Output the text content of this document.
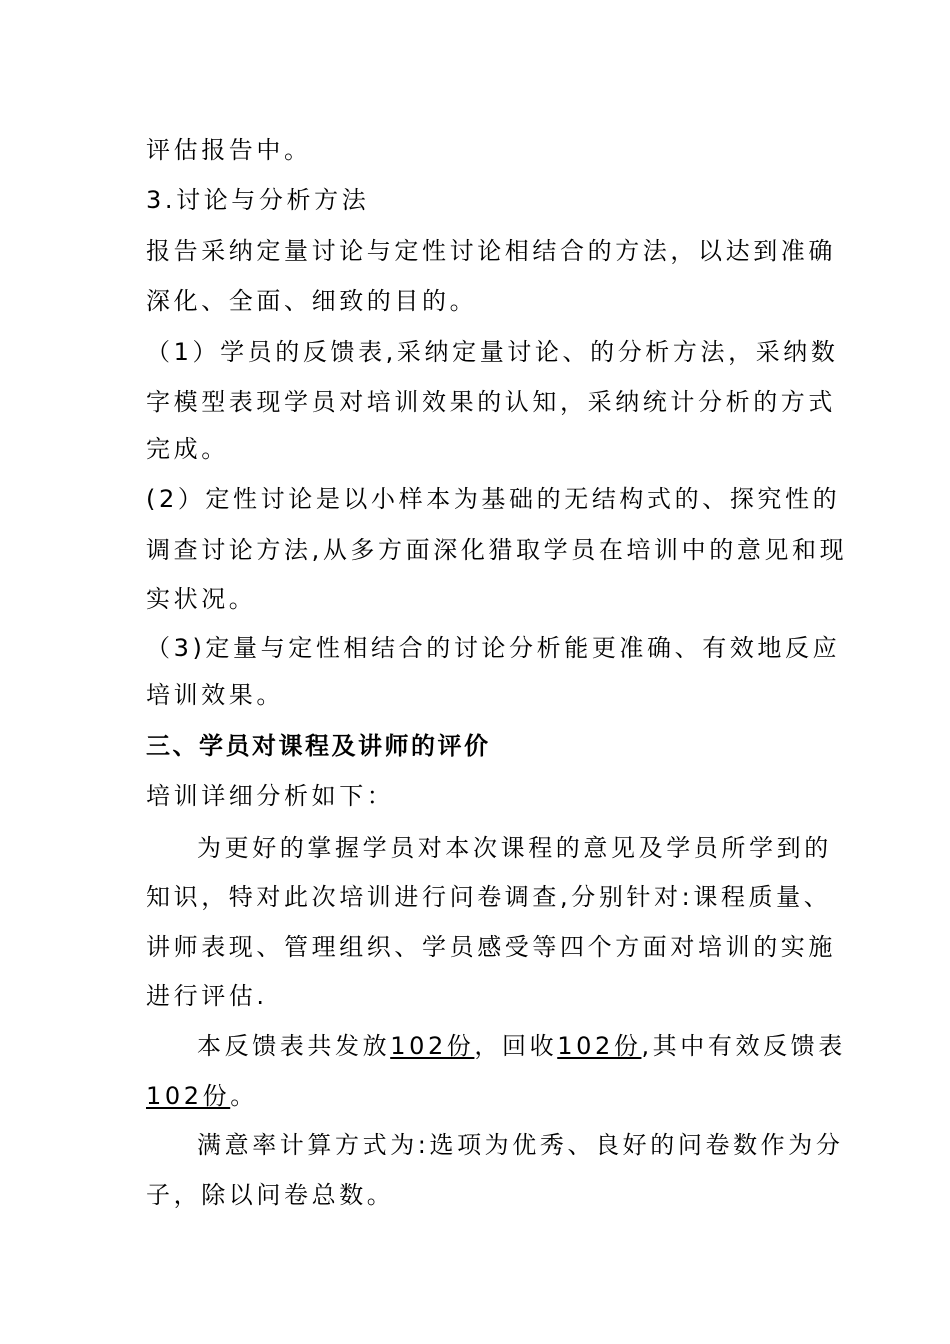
评估报告中。
3.讨论与分析方法
报告采纳定量讨论与定性讨论相结合的方法，以达到准确
深化、全面、细致的目的。
（1）学员的反馈表,采纳定量讨论、的分析方法，采纳数
字模型表现学员对培训效果的认知，采纳统计分析的方式
完成。
(2）定性讨论是以小样本为基础的无结构式的、探究性的
调查讨论方法,从多方面深化猎取学员在培训中的意见和现
实状况。
（3)定量与定性相结合的讨论分析能更准确、有效地反应
培训效果。
三、学员对课程及讲师的评价
培训详细分析如下：
为更好的掌握学员对本次课程的意见及学员所学到的
知识，特对此次培训进行问卷调查,分别针对:课程质量、
讲师表现、管理组织、学员感受等四个方面对培训的实施
进行评估.
本反馈表共发放102份，回收102份,其中有效反馈表
102份。
满意率计算方式为:选项为优秀、良好的问卷数作为分
子，除以问卷总数。
